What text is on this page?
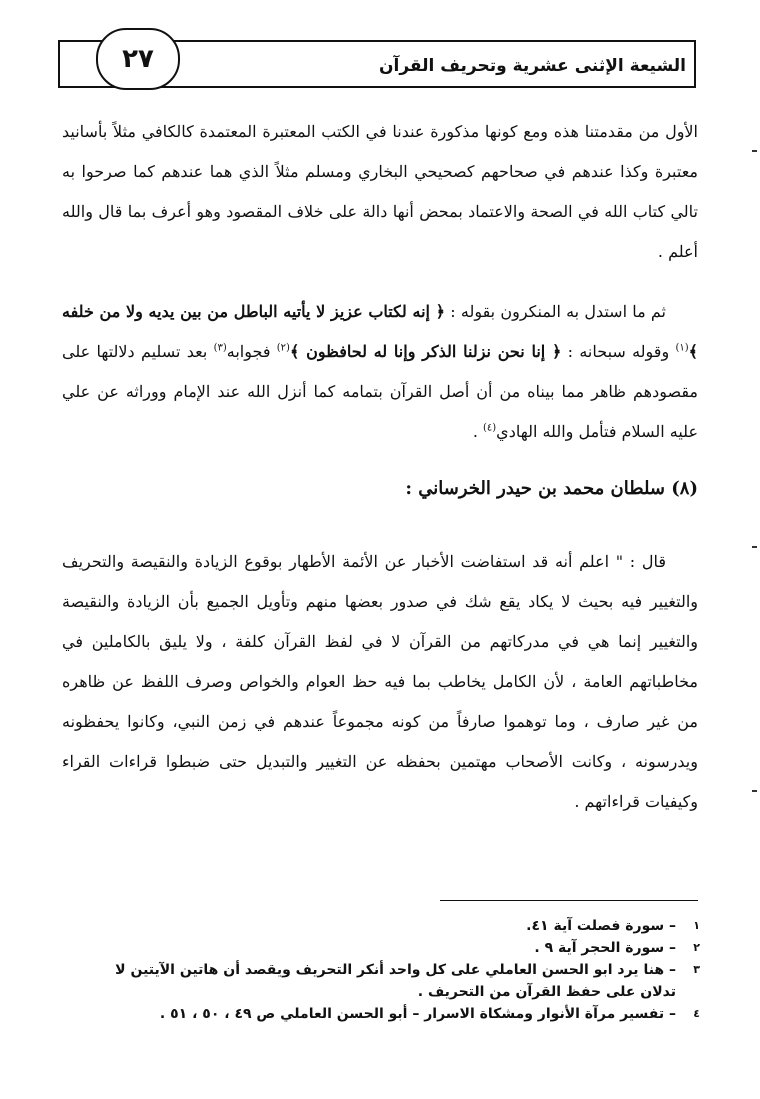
الشيعة الإثنى عشرية وتحريف القرآن
٢٧

الأول من مقدمتنا هذه ومع كونها مذكورة عندنا في الكتب المعتبرة المعتمدة كالكافي مثلاً بأسانيد معتبرة وكذا عندهم في صحاحهم كصحيحي البخاري ومسلم مثلاً الذي هما عندهم كما صرحوا به تالي كتاب الله في الصحة والاعتماد بمحض أنها دالة على خلاف المقصود وهو أعرف بما قال والله أعلم .

ثم ما استدل به المنكرون بقوله : ﴿ إنه لكتاب عزيز لا يأتيه الباطل من بين يديه ولا من خلفه ﴾$^{(١)}$ وقوله سبحانه : ﴿ إنا نحن نزلنا الذكر وإنا له لحافظون ﴾$^{(٢)}$ فجوابه$^{(٣)}$ بعد تسليم دلالتها على مقصودهم ظاهر مما بيناه من أن أصل القرآن بتمامه كما أنزل الله عند الإمام ووراثه عن علي عليه السلام فتأمل والله الهادي$^{(٤)}$ .

(٨) سلطان محمد بن حيدر الخرساني :

قال : " اعلم أنه قد استفاضت الأخبار عن الأئمة الأطهار بوقوع الزيادة والنقيصة والتحريف والتغيير فيه بحيث لا يكاد يقع شك في صدور بعضها منهم وتأويل الجميع بأن الزيادة والنقيصة والتغيير إنما هي في مدركاتهم من القرآن لا في لفظ القرآن كلفة ، ولا يليق بالكاملين في مخاطباتهم العامة ، لأن الكامل يخاطب بما فيه حظ العوام والخواص وصرف اللفظ عن ظاهره من غير صارف ، وما توهموا صارفاً من كونه مجموعاً عندهم في زمن النبي، وكانوا يحفظونه ويدرسونه ، وكانت الأصحاب مهتمين بحفظه عن التغيير والتبديل حتى ضبطوا قراءات القراء وكيفيات قراءاتهم .

١
– سورة فصلت آية ٤١.
٢
– سورة الحجر آية ٩ .
٣
– هنا يرد ابو الحسن العاملي على كل واحد أنكر التحريف ويقصد أن هاتين الآيتين لا تدلان على حفظ القرآن من التحريف .
٤
– تفسير مرآة الأنوار ومشكاة الاسرار – أبو الحسن العاملي ص ٤٩ ، ٥٠ ، ٥١ .
